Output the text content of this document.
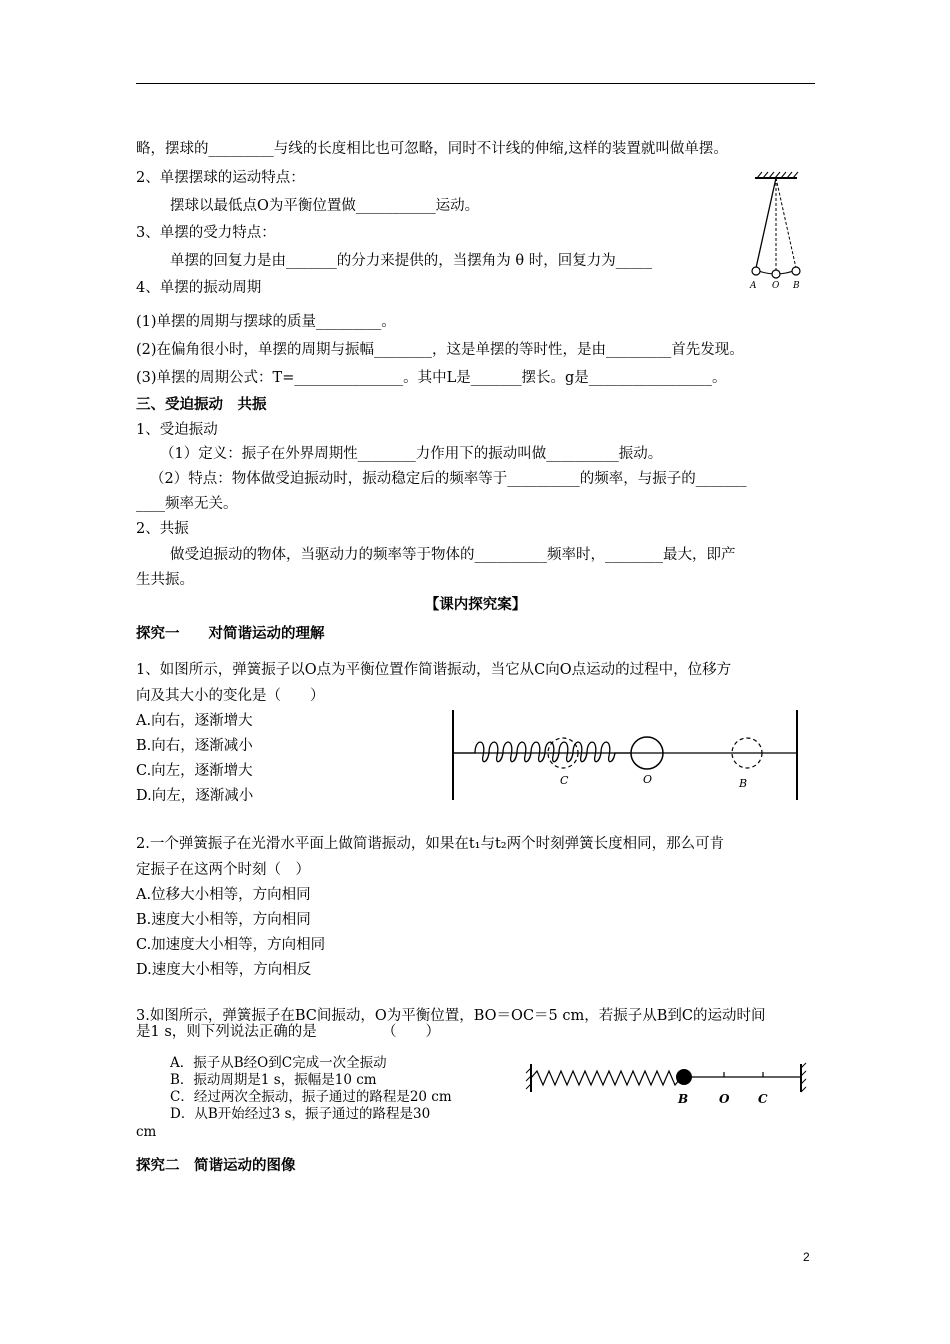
略，摆球的_________与线的长度相比也可忽略，同时不计线的伸缩,这样的装置就叫做单摆。
2、单摆摆球的运动特点：
摆球以最低点O为平衡位置做___________运动。
3、单摆的受力特点：
单摆的回复力是由_______的分力来提供的，当摆角为 θ 时，回复力为_____
4、单摆的振动周期
(1)单摆的周期与摆球的质量_________。
(2)在偏角很小时，单摆的周期与振幅________，这是单摆的等时性，是由_________首先发现。
(3)单摆的周期公式：T=_______________。其中L是_______摆长。g是_________________。
三、受迫振动　共振
1、受迫振动
（1）定义：振子在外界周期性________力作用下的振动叫做__________振动。
（2）特点：物体做受迫振动时，振动稳定后的频率等于__________的频率，与振子的_______
____频率无关。
2、共振
做受迫振动的物体，当驱动力的频率等于物体的__________频率时，________最大，即产
生共振。
【课内探究案】
探究一　　对简谐运动的理解
1、如图所示，弹簧振子以O点为平衡位置作简谐振动，当它从C向O点运动的过程中，位移方
向及其大小的变化是（　　）
A.向右，逐渐增大
B.向右，逐渐减小
C.向左，逐渐增大
D.向左，逐渐减小
2.一个弹簧振子在光滑水平面上做简谐振动，如果在t₁与t₂两个时刻弹簧长度相同，那么可肯
定振子在这两个时刻（　）
A.位移大小相等，方向相同
B.速度大小相等，方向相同
C.加速度大小相等，方向相同
D.速度大小相等，方向相反
3.如图所示，弹簧振子在BC间振动，O为平衡位置，BO＝OC＝5 cm，若振子从B到C的运动时间
是1 s，则下列说法正确的是　　　　　（　　）
A．振子从B经O到C完成一次全振动
B．振动周期是1 s，振幅是10 cm
C．经过两次全振动，振子通过的路程是20 cm
D．从B开始经过3 s，振子通过的路程是30
cm
探究二　简谐运动的图像
A O B
C	O	B
B	O C
2
